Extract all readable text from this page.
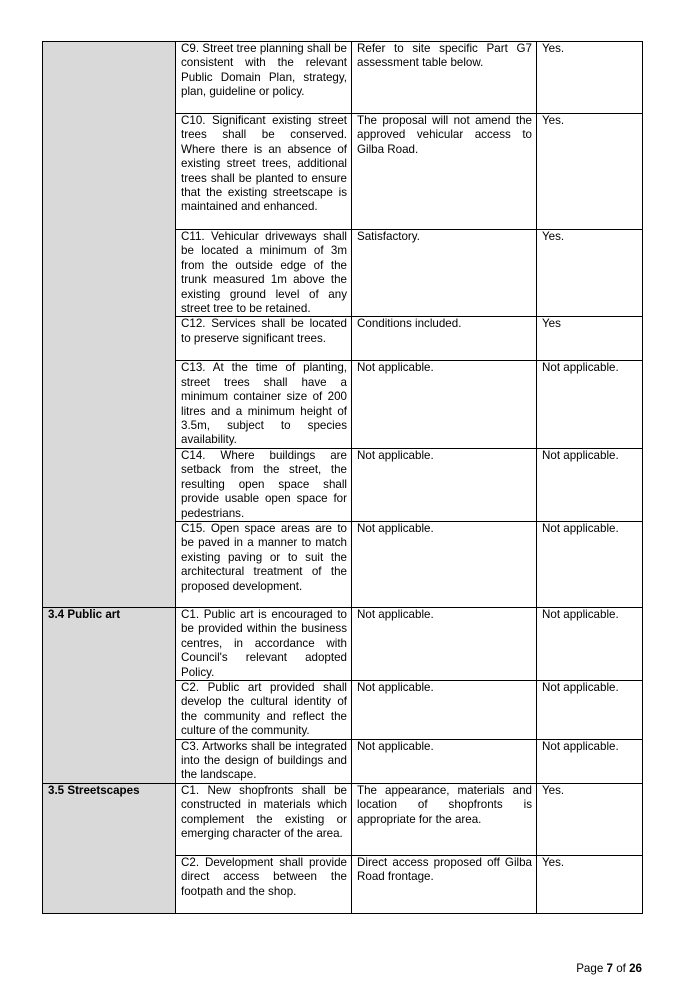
	C9. Street tree planning shall be consistent with the relevant Public Domain Plan, strategy, plan, guideline or policy.	Refer to site specific Part G7 assessment table below.	Yes.
	C10. Significant existing street trees shall be conserved. Where there is an absence of existing street trees, additional trees shall be planted to ensure that the existing streetscape is maintained and enhanced.	The proposal will not amend the approved vehicular access to Gilba Road.	Yes.
	C11. Vehicular driveways shall be located a minimum of 3m from the outside edge of the trunk measured 1m above the existing ground level of any street tree to be retained.	Satisfactory.	Yes.
	C12. Services shall be located to preserve significant trees.	Conditions included.	Yes
	C13. At the time of planting, street trees shall have a minimum container size of 200 litres and a minimum height of 3.5m, subject to species availability.	Not applicable.	Not applicable.
	C14. Where buildings are setback from the street, the resulting open space shall provide usable open space for pedestrians.	Not applicable.	Not applicable.
	C15. Open space areas are to be paved in a manner to match existing paving or to suit the architectural treatment of the proposed development.	Not applicable.	Not applicable.
3.4 Public art	C1. Public art is encouraged to be provided within the business centres, in accordance with Council's relevant adopted Policy.	Not applicable.	Not applicable.
	C2. Public art provided shall develop the cultural identity of the community and reflect the culture of the community.	Not applicable.	Not applicable.
	C3. Artworks shall be integrated into the design of buildings and the landscape.	Not applicable.	Not applicable.
3.5 Streetscapes	C1. New shopfronts shall be constructed in materials which complement the existing or emerging character of the area.	The appearance, materials and location of shopfronts is appropriate for the area.	Yes.
	C2. Development shall provide direct access between the footpath and the shop.	Direct access proposed off Gilba Road frontage.	Yes.
Page 7 of 26
